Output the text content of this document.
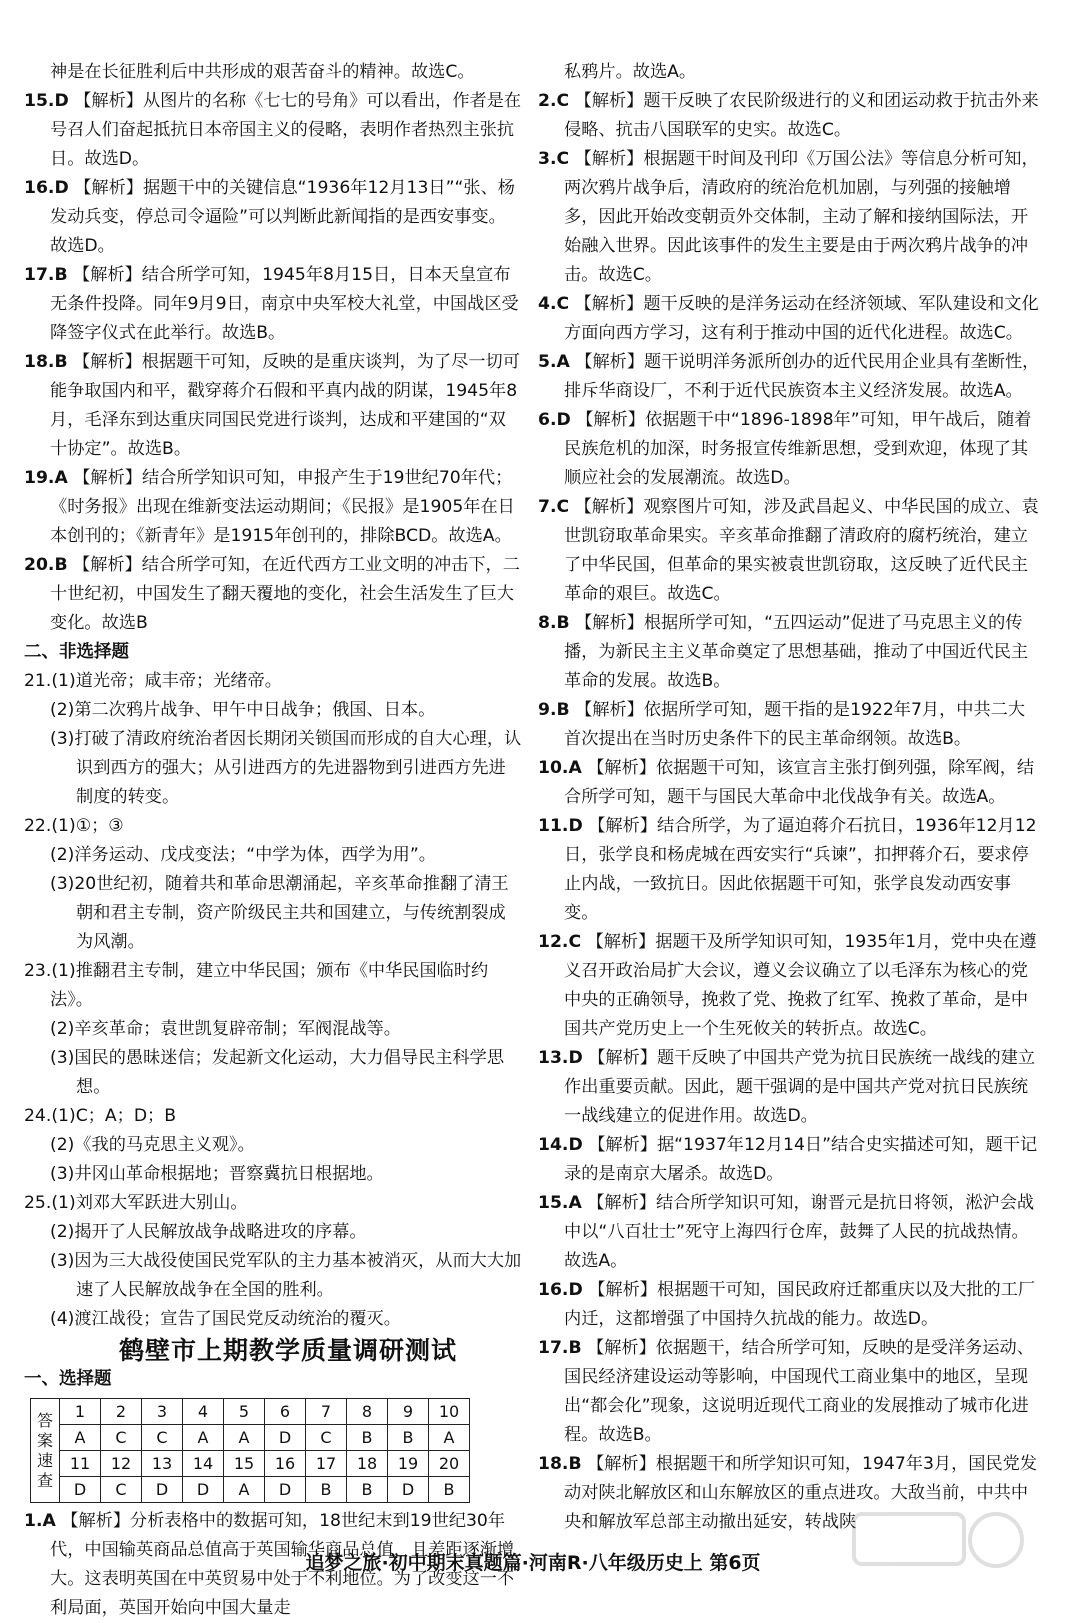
神是在长征胜利后中共形成的艰苦奋斗的精神。故选C。
15.D 【解析】从图片的名称《七七的号角》可以看出，作者是在号召人们奋起抵抗日本帝国主义的侵略，表明作者热烈主张抗日。故选D。
16.D 【解析】据题干中的关键信息“1936年12月13日”“张、杨发动兵变，停总司令逼险”可以判断此新闻指的是西安事变。故选D。
17.B 【解析】结合所学可知，1945年8月15日，日本天皇宣布无条件投降。同年9月9日，南京中央军校大礼堂，中国战区受降签字仪式在此举行。故选B。
18.B 【解析】根据题干可知，反映的是重庆谈判，为了尽一切可能争取国内和平，戳穿蒋介石假和平真内战的阴谋，1945年8月，毛泽东到达重庆同国民党进行谈判，达成和平建国的“双十协定”。故选B。
19.A 【解析】结合所学知识可知，申报产生于19世纪70年代；《时务报》出现在维新变法运动期间；《民报》是1905年在日本创刊的；《新青年》是1915年创刊的，排除BCD。故选A。
20.B 【解析】结合所学可知，在近代西方工业文明的冲击下，二十世纪初，中国发生了翻天覆地的变化，社会生活发生了巨大变化。故选B
二、非选择题
21.(1)道光帝；咸丰帝；光绪帝。
(2)第二次鸦片战争、甲午中日战争；俄国、日本。
(3)打破了清政府统治者因长期闭关锁国而形成的自大心理，认识到西方的强大；从引进西方的先进器物到引进西方先进制度的转变。
22.(1)①；③
(2)洋务运动、戊戌变法；“中学为体，西学为用”。
(3)20世纪初，随着共和革命思潮涌起，辛亥革命推翻了清王朝和君主专制，资产阶级民主共和国建立，与传统割裂成为风潮。
23.(1)推翻君主专制，建立中华民国；颁布《中华民国临时约法》。
(2)辛亥革命；袁世凯复辟帝制；军阀混战等。
(3)国民的愚昧迷信；发起新文化运动，大力倡导民主科学思想。
24.(1)C；A；D；B
(2)《我的马克思主义观》。
(3)井冈山革命根据地；晋察冀抗日根据地。
25.(1)刘邓大军跃进大别山。
(2)揭开了人民解放战争战略进攻的序幕。
(3)因为三大战役使国民党军队的主力基本被消灭，从而大大加速了人民解放战争在全国的胜利。
(4)渡江战役；宣告了国民党反动统治的覆灭。
鹤壁市上期教学质量调研测试
一、选择题
答
案
速
查	1	2	3	4	5	6	7	8	9	10
	A	C	C	A	A	D	C	B	B	A
	11	12	13	14	15	16	17	18	19	20
	D	C	D	D	A	D	B	B	D	B
1.A 【解析】分析表格中的数据可知，18世纪末到19世纪30年代，中国输英商品总值高于英国输华商品总值，且差距逐渐增大。这表明英国在中英贸易中处于不利地位。为了改变这一不利局面，英国开始向中国大量走
私鸦片。故选A。
2.C 【解析】题干反映了农民阶级进行的义和团运动救于抗击外来侵略、抗击八国联军的史实。故选C。
3.C 【解析】根据题干时间及刊印《万国公法》等信息分析可知，两次鸦片战争后，清政府的统治危机加剧，与列强的接触增多，因此开始改变朝贡外交体制，主动了解和接纳国际法，开始融入世界。因此该事件的发生主要是由于两次鸦片战争的冲击。故选C。
4.C 【解析】题干反映的是洋务运动在经济领域、军队建设和文化方面向西方学习，这有利于推动中国的近代化进程。故选C。
5.A 【解析】题干说明洋务派所创办的近代民用企业具有垄断性，排斥华商设厂，不利于近代民族资本主义经济发展。故选A。
6.D 【解析】依据题干中“1896-1898年”可知，甲午战后，随着民族危机的加深，时务报宣传维新思想，受到欢迎，体现了其顺应社会的发展潮流。故选D。
7.C 【解析】观察图片可知，涉及武昌起义、中华民国的成立、袁世凯窃取革命果实。辛亥革命推翻了清政府的腐朽统治，建立了中华民国，但革命的果实被袁世凯窃取，这反映了近代民主革命的艰巨。故选C。
8.B 【解析】根据所学可知，“五四运动”促进了马克思主义的传播，为新民主主义革命奠定了思想基础，推动了中国近代民主革命的发展。故选B。
9.B 【解析】依据所学可知，题干指的是1922年7月，中共二大首次提出在当时历史条件下的民主革命纲领。故选B。
10.A 【解析】依据题干可知，该宣言主张打倒列强，除军阀，结合所学可知，题干与国民大革命中北伐战争有关。故选A。
11.D 【解析】结合所学，为了逼迫蒋介石抗日，1936年12月12日，张学良和杨虎城在西安实行“兵谏”，扣押蒋介石，要求停止内战，一致抗日。因此依据题干可知，张学良发动西安事变。
12.C 【解析】据题干及所学知识可知，1935年1月，党中央在遵义召开政治局扩大会议，遵义会议确立了以毛泽东为核心的党中央的正确领导，挽救了党、挽救了红军、挽救了革命，是中国共产党历史上一个生死攸关的转折点。故选C。
13.D 【解析】题干反映了中国共产党为抗日民族统一战线的建立作出重要贡献。因此，题干强调的是中国共产党对抗日民族统一战线建立的促进作用。故选D。
14.D 【解析】据“1937年12月14日”结合史实描述可知，题干记录的是南京大屠杀。故选D。
15.A 【解析】结合所学知识可知，谢晋元是抗日将领，淞沪会战中以“八百壮士”死守上海四行仓库，鼓舞了人民的抗战热情。故选A。
16.D 【解析】根据题干可知，国民政府迁都重庆以及大批的工厂内迁，这都增强了中国持久抗战的能力。故选D。
17.B 【解析】依据题干，结合所学可知，反映的是受洋务运动、国民经济建设运动等影响，中国现代工商业集中的地区，呈现出“都会化”现象，这说明近现代工商业的发展推动了城市化进程。故选B。
18.B 【解析】根据题干和所学知识可知，1947年3月，国民党发动对陕北解放区和山东解放区的重点进攻。大敌当前，中共中央和解放军总部主动撤出延安，转战陕
追梦之旅·初中期末真题篇·河南R·八年级历史上 第6页
